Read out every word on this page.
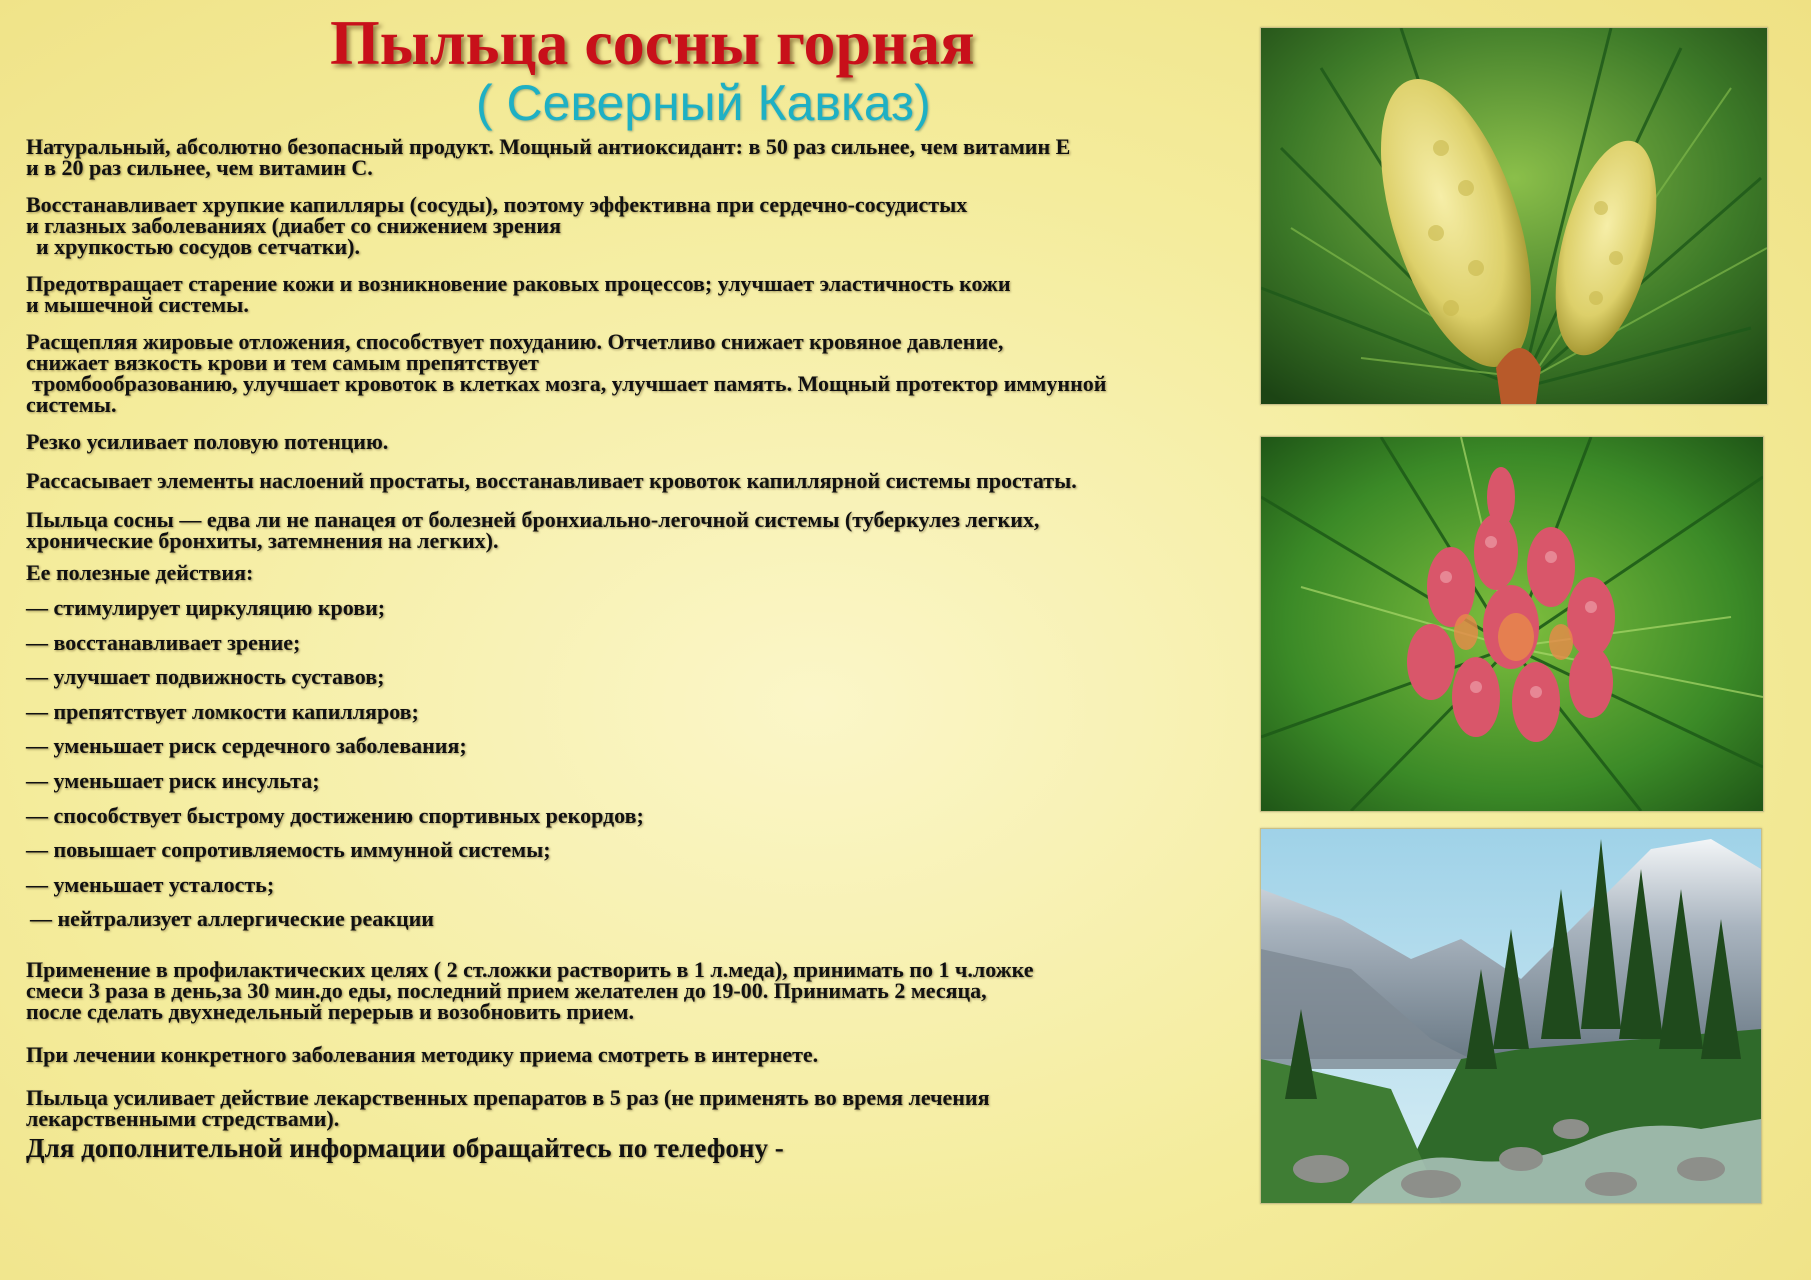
Пыльца сосны горная
( Северный Кавказ)

Натуральный, абсолютно безопасный продукт. Мощный антиоксидант: в 50 раз сильнее, чем витамин Е
и в 20 раз сильнее, чем витамин С.

Восстанавливает хрупкие капилляры (сосуды), поэтому эффективна при сердечно-сосудистых
и глазных заболеваниях (диабет со снижением зрения
и хрупкостью сосудов сетчатки).

Предотвращает старение кожи и возникновение раковых процессов; улучшает эластичность кожи
и мышечной системы.

Расщепляя жировые отложения, способствует похуданию. Отчетливо снижает кровяное давление,
снижает вязкость крови и тем самым препятствует
тромбообразованию, улучшает кровоток в клетках мозга, улучшает память. Мощный протектор иммунной
системы.

Резко усиливает половую потенцию.

Рассасывает элементы наслоений простаты, восстанавливает кровоток капиллярной системы простаты.

Пыльца сосны — едва ли не панацея от болезней бронхиально-легочной системы (туберкулез легких,
хронические бронхиты, затемнения на легких).

Ее полезные действия:
— стимулирует циркуляцию крови;
— восстанавливает зрение;
— улучшает подвижность суставов;
— препятствует ломкости капилляров;
— уменьшает риск сердечного заболевания;
— уменьшает риск инсульта;
— способствует быстрому достижению спортивных рекордов;
— повышает сопротивляемость иммунной системы;
— уменьшает усталость;
— нейтрализует аллергические реакции

Применение в профилактических целях ( 2 ст.ложки растворить в 1 л.меда), принимать по 1 ч.ложке
смеси 3 раза в день,за 30 мин.до еды, последний прием желателен до 19-00. Принимать 2 месяца,
после сделать двухнедельный перерыв и возобновить прием.

При лечении конкретного заболевания методику приема смотреть в интернете.

Пыльца усиливает действие лекарственных препаратов в 5 раз (не применять во время лечения
лекарственными стредствами).

Для дополнительной информации обращайтесь по телефону -
